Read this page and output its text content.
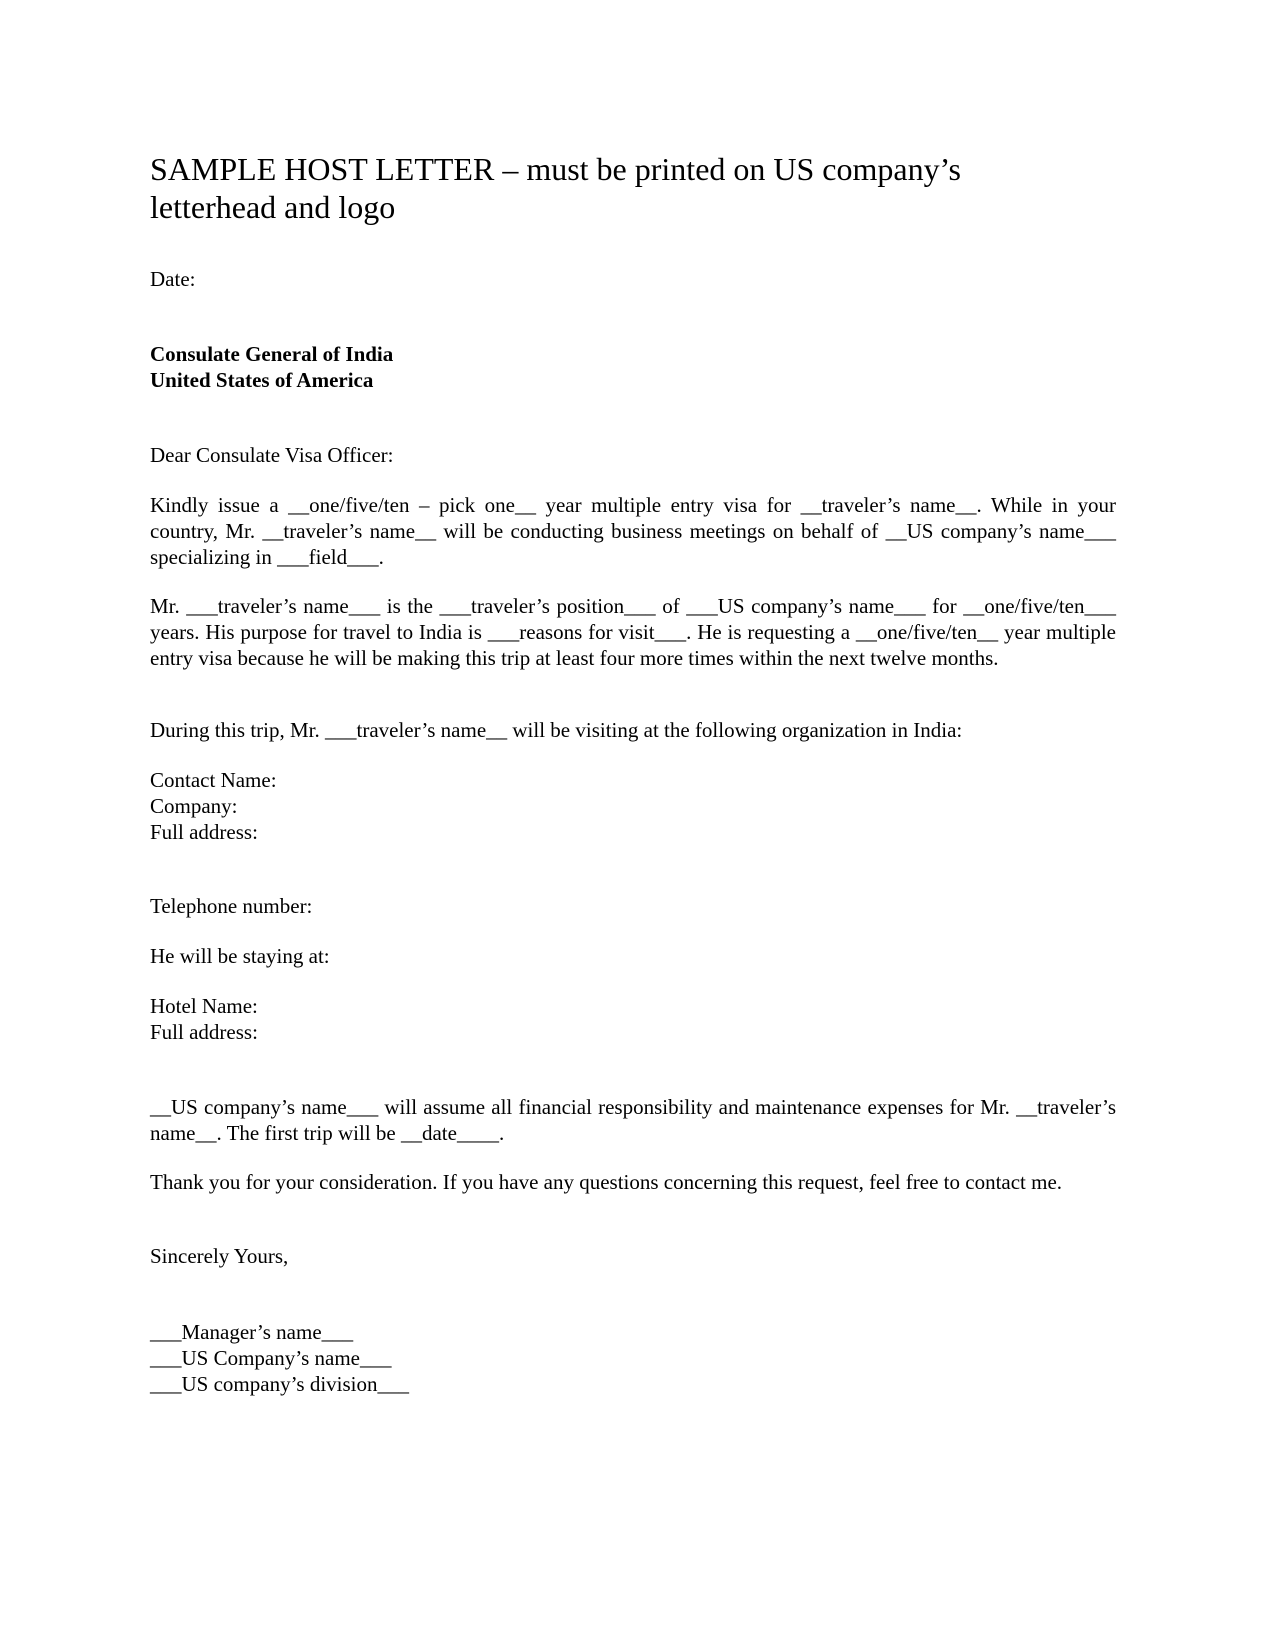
SAMPLE HOST LETTER – must be printed on US company’s letterhead and logo
Date:
Consulate General of India
United States of America
Dear Consulate Visa Officer:
Kindly issue a __one/five/ten – pick one__ year multiple entry visa for __traveler’s name__. While in your country, Mr. __traveler’s name__ will be conducting business meetings on behalf of __US company’s name___ specializing in ___field___.
Mr. ___traveler’s name___ is the ___traveler’s position___ of ___US company’s name___ for __one/five/ten___ years. His purpose for travel to India is ___reasons for visit___. He is requesting a __one/five/ten__ year multiple entry visa because he will be making this trip at least four more times within the next twelve months.
During this trip, Mr. ___traveler’s name__ will be visiting at the following organization in India:
Contact Name:
Company:
Full address:
Telephone number:
He will be staying at:
Hotel Name:
Full address:
__US company’s name___ will assume all financial responsibility and maintenance expenses for Mr. __traveler’s name__. The first trip will be __date____.
Thank you for your consideration. If you have any questions concerning this request, feel free to contact me.
Sincerely Yours,
___Manager’s name___
___US Company’s name___
___US company’s division___
